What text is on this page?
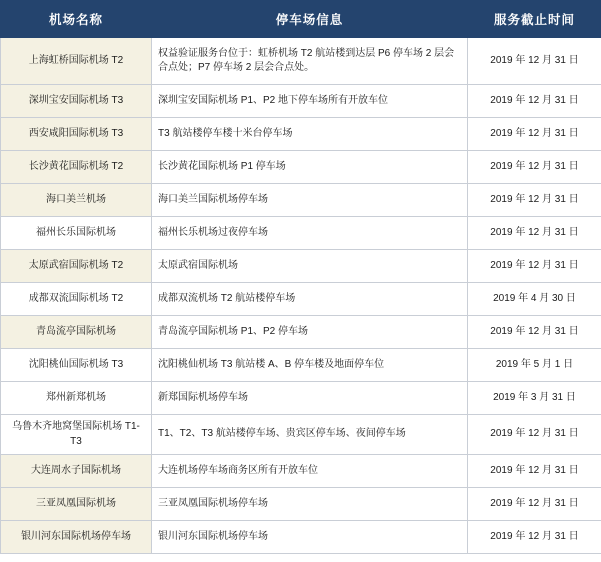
机场名称	停车场信息	服务截止时间
上海虹桥国际机场 T2	权益验证服务台位于：虹桥机场 T2 航站楼到达层 P6 停车场 2 层会合点处；P7 停车场 2 层会合点处。	2019 年 12 月 31 日
深圳宝安国际机场 T3	深圳宝安国际机场 P1、P2 地下停车场所有开放车位	2019 年 12 月 31 日
西安咸阳国际机场 T3	T3 航站楼停车楼十米台停车场	2019 年 12 月 31 日
长沙黄花国际机场 T2	长沙黄花国际机场 P1 停车场	2019 年 12 月 31 日
海口美兰机场	海口美兰国际机场停车场	2019 年 12 月 31 日
福州长乐国际机场	福州长乐机场过夜停车场	2019 年 12 月 31 日
太原武宿国际机场 T2	太原武宿国际机场	2019 年 12 月 31 日
成都双流国际机场 T2	成都双流机场 T2 航站楼停车场	2019 年 4 月 30 日
青岛流亭国际机场	青岛流亭国际机场 P1、P2 停车场	2019 年 12 月 31 日
沈阳桃仙国际机场 T3	沈阳桃仙机场 T3 航站楼 A、B 停车楼及地面停车位	2019 年 5 月 1 日
郑州新郑机场	新郑国际机场停车场	2019 年 3 月 31 日
乌鲁木齐地窝堡国际机场 T1-T3	T1、T2、T3 航站楼停车场、贵宾区停车场、夜间停车场	2019 年 12 月 31 日
大连周水子国际机场	大连机场停车场商务区所有开放车位	2019 年 12 月 31 日
三亚凤凰国际机场	三亚凤凰国际机场停车场	2019 年 12 月 31 日
银川河东国际机场停车场	银川河东国际机场停车场	2019 年 12 月 31 日
